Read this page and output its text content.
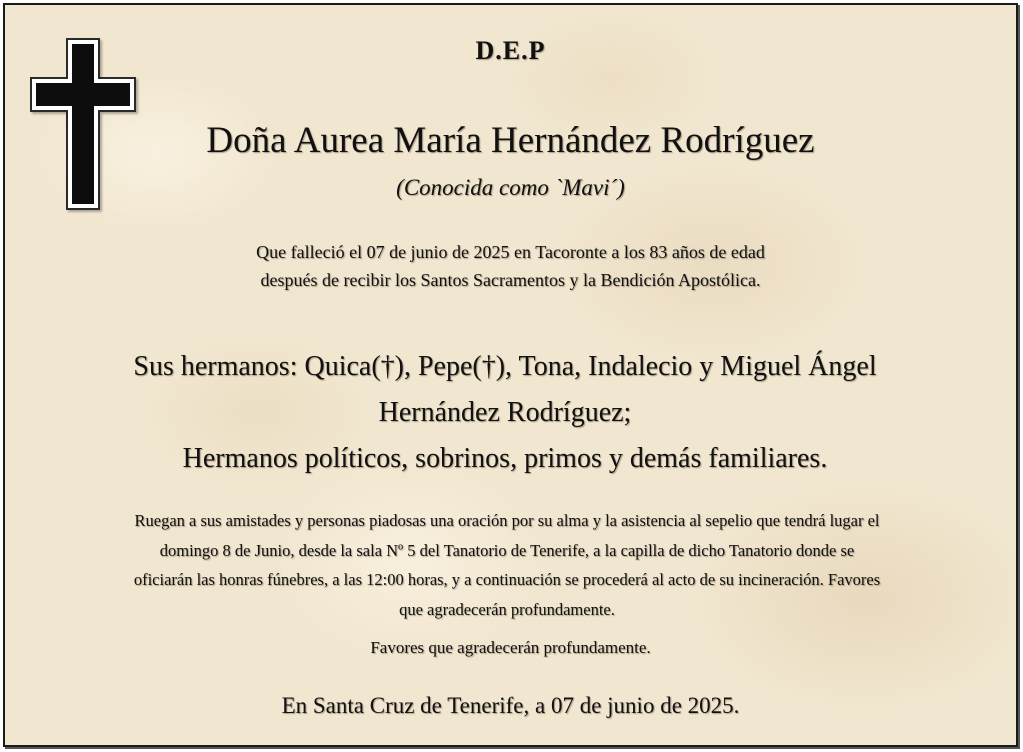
D.E.P
Doña Aurea María Hernández Rodríguez
(Conocida como `Mavi´)
Que falleció el 07 de junio de 2025 en Tacoronte a los 83 años de edad
después de recibir los Santos Sacramentos y la Bendición Apostólica.
Sus hermanos: Quica(†), Pepe(†), Tona, Indalecio y Miguel Ángel
Hernández Rodríguez;
Hermanos políticos, sobrinos, primos y demás familiares.
Ruegan a sus amistades y personas piadosas una oración por su alma y la asistencia al sepelio que tendrá lugar el
domingo 8 de Junio, desde la sala Nº 5 del Tanatorio de Tenerife, a la capilla de dicho Tanatorio donde se
oficiarán las honras fúnebres, a las 12:00 horas, y a continuación se procederá al acto de su incineración. Favores
que agradecerán profundamente.
Favores que agradecerán profundamente.
En Santa Cruz de Tenerife, a 07 de junio de 2025.
